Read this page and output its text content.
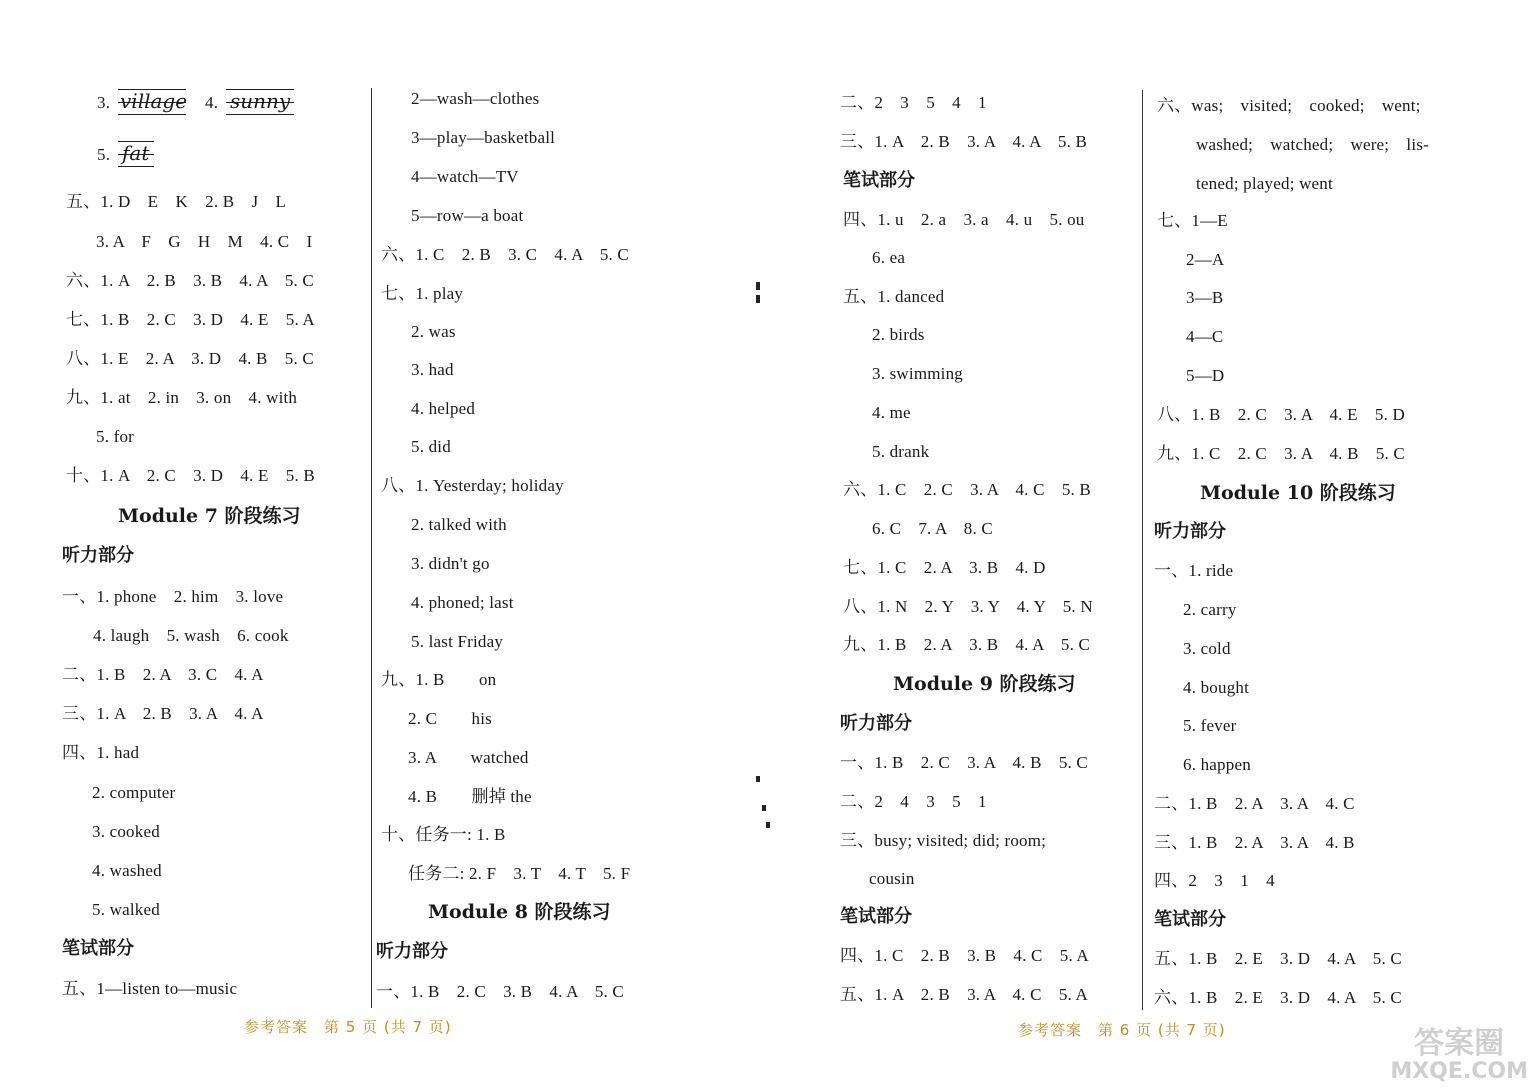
3. village 4. sunny
5. fat
五、1. D　E　K　2. B　J　L
3. A　F　G　H　M　4. C　I
六、1. A　2. B　3. B　4. A　5. C
七、1. B　2. C　3. D　4. E　5. A
八、1. E　2. A　3. D　4. B　5. C
九、1. at　2. in　3. on　4. with
5. for
十、1. A　2. C　3. D　4. E　5. B
Module 7 阶段练习
听力部分
一、1. phone　2. him　3. love
4. laugh　5. wash　6. cook
二、1. B　2. A　3. C　4. A
三、1. A　2. B　3. A　4. A
四、1. had
2. computer
3. cooked
4. washed
5. walked
笔试部分
五、1—listen to—music
2—wash—clothes
3—play—basketball
4—watch—TV
5—row—a boat
六、1. C　2. B　3. C　4. A　5. C
七、1. play
2. was
3. had
4. helped
5. did
八、1. Yesterday; holiday
2. talked with
3. didn't go
4. phoned; last
5. last Friday
九、1. B　　on
2. C　　his
3. A　　watched
4. B　　删掉 the
十、任务一: 1. B
任务二: 2. F　3. T　4. T　5. F
Module 8 阶段练习
听力部分
一、1. B　2. C　3. B　4. A　5. C
二、2　3　5　4　1
三、1. A　2. B　3. A　4. A　5. B
笔试部分
四、1. u　2. a　3. a　4. u　5. ou
6. ea
五、1. danced
2. birds
3. swimming
4. me
5. drank
六、1. C　2. C　3. A　4. C　5. B
6. C　7. A　8. C
七、1. C　2. A　3. B　4. D
八、1. N　2. Y　3. Y　4. Y　5. N
九、1. B　2. A　3. B　4. A　5. C
Module 9 阶段练习
听力部分
一、1. B　2. C　3. A　4. B　5. C
二、2　4　3　5　1
三、busy; visited; did; room;
cousin
笔试部分
四、1. C　2. B　3. B　4. C　5. A
五、1. A　2. B　3. A　4. C　5. A
六、was;　visited;　cooked;　went;
washed;　watched;　were;　lis-
tened; played; went
七、1—E
2—A
3—B
4—C
5—D
八、1. B　2. C　3. A　4. E　5. D
九、1. C　2. C　3. A　4. B　5. C
Module 10 阶段练习
听力部分
一、1. ride
2. carry
3. cold
4. bought
5. fever
6. happen
二、1. B　2. A　3. A　4. C
三、1. B　2. A　3. A　4. B
四、2　3　1　4
笔试部分
五、1. B　2. E　3. D　4. A　5. C
六、1. B　2. E　3. D　4. A　5. C
参考答案　第 5 页 (共 7 页)	参考答案　第 6 页 (共 7 页)	答案圈
MXQE.COM
